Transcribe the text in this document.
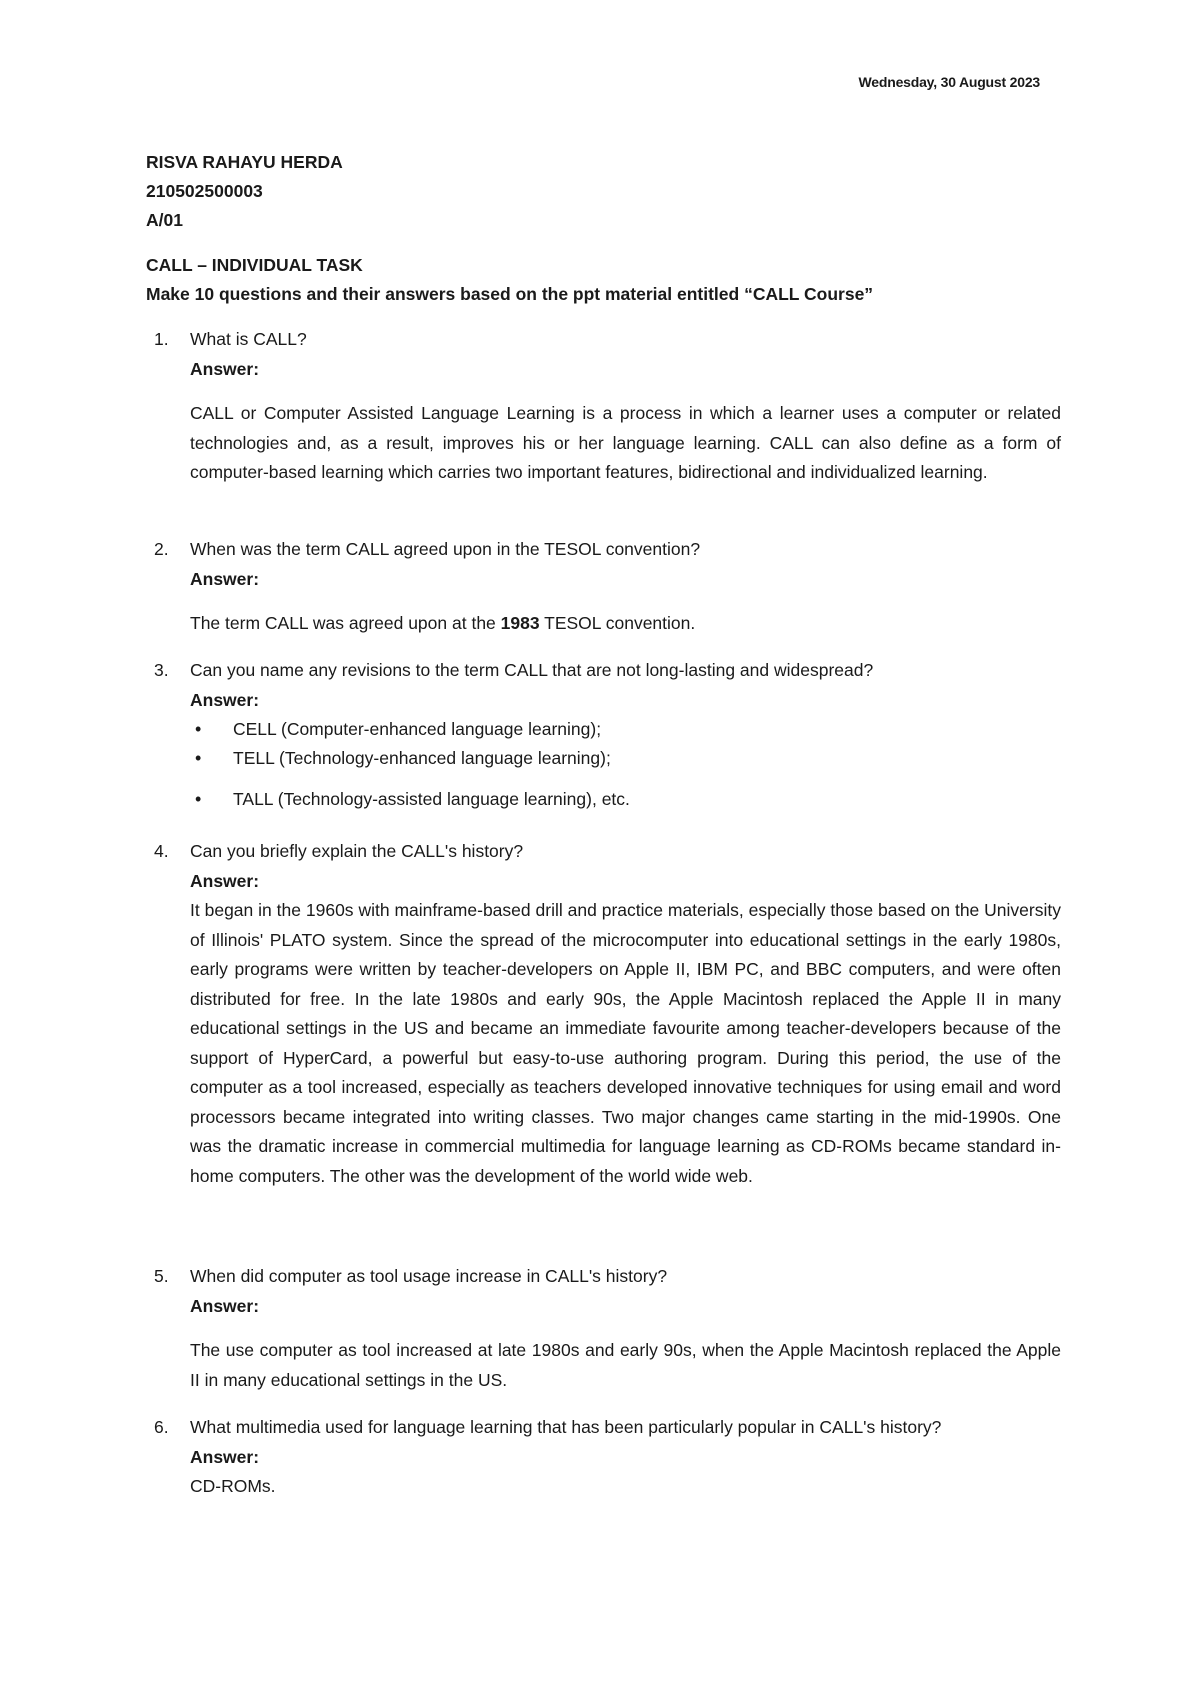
Wednesday, 30 August 2023
RISVA RAHAYU HERDA
210502500003
A/01
CALL – INDIVIDUAL TASK
Make 10 questions and their answers based on the ppt material entitled “CALL Course”
1. What is CALL?
Answer:
CALL or Computer Assisted Language Learning is a process in which a learner uses a computer or related technologies and, as a result, improves his or her language learning. CALL can also define as a form of computer-based learning which carries two important features, bidirectional and individualized learning.
2. When was the term CALL agreed upon in the TESOL convention?
Answer:
The term CALL was agreed upon at the 1983 TESOL convention.
3. Can you name any revisions to the term CALL that are not long-lasting and widespread?
Answer:
• CELL (Computer-enhanced language learning);
• TELL (Technology-enhanced language learning);
• TALL (Technology-assisted language learning), etc.
4. Can you briefly explain the CALL's history?
Answer:
It began in the 1960s with mainframe-based drill and practice materials, especially those based on the University of Illinois' PLATO system. Since the spread of the microcomputer into educational settings in the early 1980s, early programs were written by teacher-developers on Apple II, IBM PC, and BBC computers, and were often distributed for free. In the late 1980s and early 90s, the Apple Macintosh replaced the Apple II in many educational settings in the US and became an immediate favourite among teacher-developers because of the support of HyperCard, a powerful but easy-to-use authoring program. During this period, the use of the computer as a tool increased, especially as teachers developed innovative techniques for using email and word processors became integrated into writing classes. Two major changes came starting in the mid-1990s. One was the dramatic increase in commercial multimedia for language learning as CD-ROMs became standard in-home computers. The other was the development of the world wide web.
5. When did computer as tool usage increase in CALL's history?
Answer:
The use computer as tool increased at late 1980s and early 90s, when the Apple Macintosh replaced the Apple II in many educational settings in the US.
6. What multimedia used for language learning that has been particularly popular in CALL's history?
Answer:
CD-ROMs.
